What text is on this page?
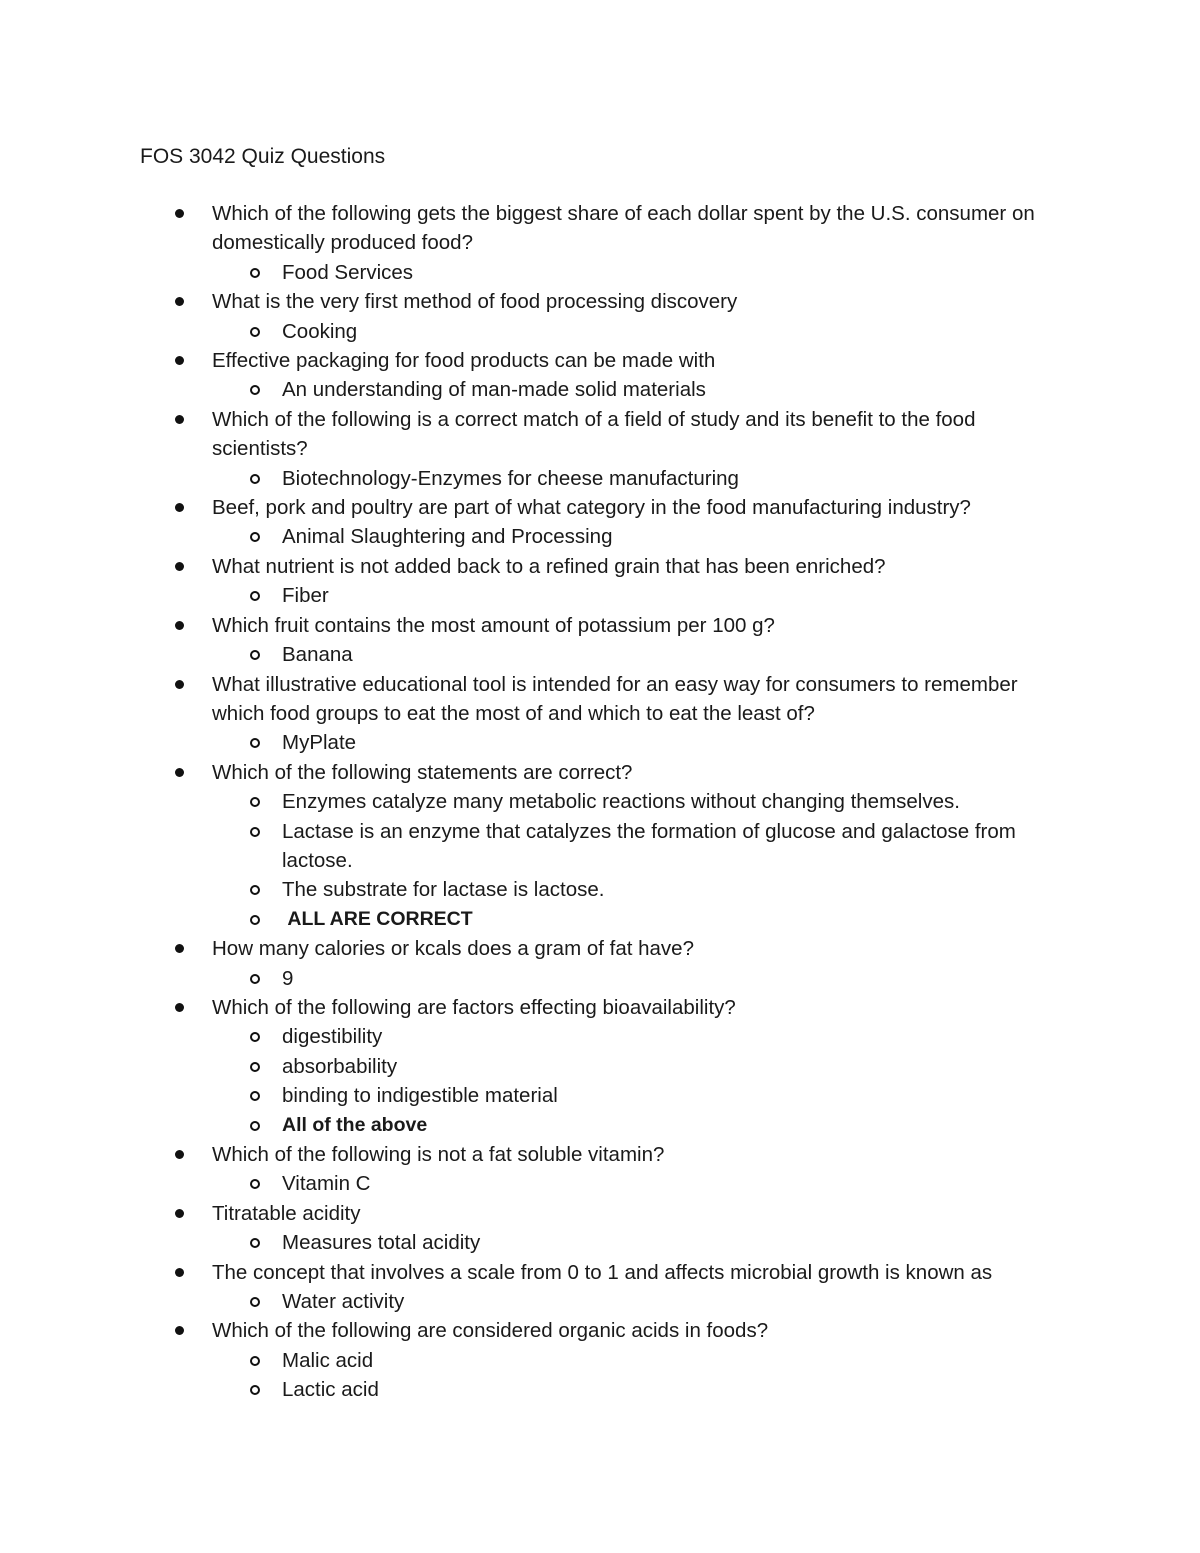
FOS 3042 Quiz Questions
Which of the following gets the biggest share of each dollar spent by the U.S. consumer on domestically produced food?
Food Services
What is the very first method of food processing discovery
Cooking
Effective packaging for food products can be made with
An understanding of man-made solid materials
Which of the following is a correct match of a field of study and its benefit to the food scientists?
Biotechnology-Enzymes for cheese manufacturing
Beef, pork and poultry are part of what category in the food manufacturing industry?
Animal Slaughtering and Processing
What nutrient is not added back to a refined grain that has been enriched?
Fiber
Which fruit contains the most amount of potassium per 100 g?
Banana
What illustrative educational tool is intended for an easy way for consumers to remember which food groups to eat the most of and which to eat the least of?
MyPlate
Which of the following statements are correct?
Enzymes catalyze many metabolic reactions without changing themselves.
Lactase is an enzyme that catalyzes the formation of glucose and galactose from lactose.
The substrate for lactase is lactose.
ALL ARE CORRECT
How many calories or kcals does a gram of fat have?
9
Which of the following are factors effecting bioavailability?
digestibility
absorbability
binding to indigestible material
All of the above
Which of the following is not a fat soluble vitamin?
Vitamin C
Titratable acidity
Measures total acidity
The concept that involves a scale from 0 to 1 and affects microbial growth is known as
Water activity
Which of the following are considered organic acids in foods?
Malic acid
Lactic acid
